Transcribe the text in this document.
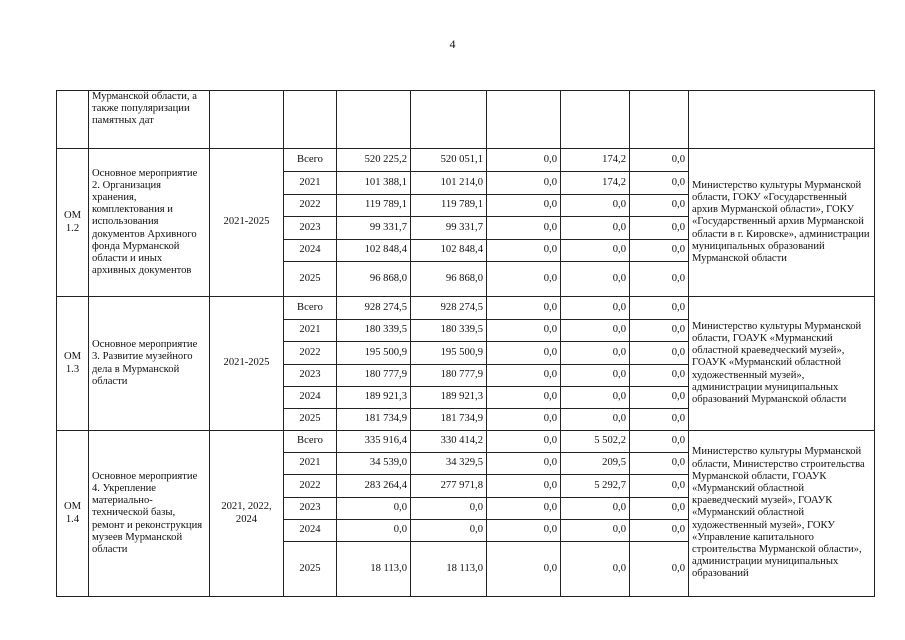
4
	Мурманской области, а также популяризации памятных дат								
ОМ 1.2	Основное мероприятие 2. Организация хранения, комплектования и использования документов Архивного фонда Мурманской области и иных архивных документов	2021-2025	Всего	520 225,2	520 051,1	0,0	174,2	0,0	Министерство культуры Мурманской области, ГОКУ «Государственный архив Мурманской области», ГОКУ «Государственный архив Мурманской области в г. Кировске», администрации муниципальных образований Мурманской области
			2021	101 388,1	101 214,0	0,0	174,2	0,0	
			2022	119 789,1	119 789,1	0,0	0,0	0,0	
			2023	99 331,7	99 331,7	0,0	0,0	0,0	
			2024	102 848,4	102 848,4	0,0	0,0	0,0	
			2025	96 868,0	96 868,0	0,0	0,0	0,0	
ОМ 1.3	Основное мероприятие 3. Развитие музейного дела в Мурманской области	2021-2025	Всего	928 274,5	928 274,5	0,0	0,0	0,0	Министерство культуры Мурманской области, ГОАУК «Мурманский областной краеведческий музей», ГОАУК «Мурманский областной художественный музей», администрации муниципальных образований Мурманской области
			2021	180 339,5	180 339,5	0,0	0,0	0,0	
			2022	195 500,9	195 500,9	0,0	0,0	0,0	
			2023	180 777,9	180 777,9	0,0	0,0	0,0	
			2024	189 921,3	189 921,3	0,0	0,0	0,0	
			2025	181 734,9	181 734,9	0,0	0,0	0,0	
ОМ 1.4	Основное мероприятие 4. Укрепление материально-технической базы, ремонт и реконструкция музеев Мурманской области	2021, 2022, 2024	Всего	335 916,4	330 414,2	0,0	5 502,2	0,0	Министерство культуры Мурманской области, Министерство строительства Мурманской области, ГОАУК «Мурманский областной краеведческий музей», ГОАУК «Мурманский областной художественный музей», ГОКУ «Управление капитального строительства Мурманской области», администрации муниципальных образований
			2021	34 539,0	34 329,5	0,0	209,5	0,0	
			2022	283 264,4	277 971,8	0,0	5 292,7	0,0	
			2023	0,0	0,0	0,0	0,0	0,0	
			2024	0,0	0,0	0,0	0,0	0,0	
			2025	18 113,0	18 113,0	0,0	0,0	0,0	
